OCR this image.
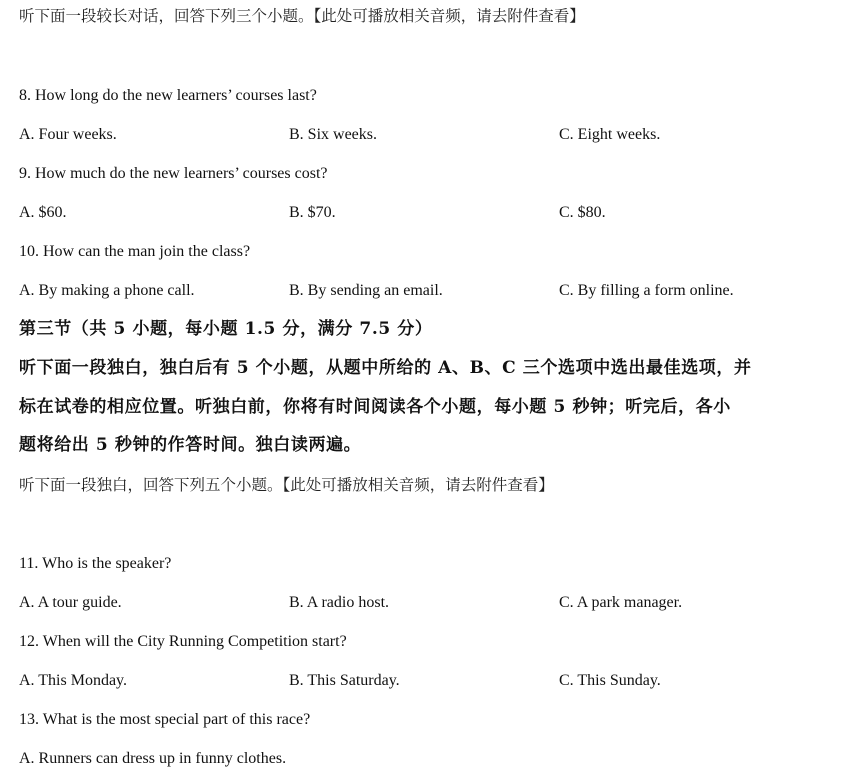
听下面一段较长对话，回答下列三个小题。【此处可播放相关音频，请去附件查看】
8. How long do the new learners’ courses last?
A. Four weeks.	B. Six weeks.	C. Eight weeks.
9. How much do the new learners’ courses cost?
A. $60.	B. $70.	C. $80.
10. How can the man join the class?
A. By making a phone call.	B. By sending an email.	C. By filling a form online.
第三节（共 5 小题，每小题 1.5 分，满分 7.5 分）
听下面一段独白，独白后有 5 个小题，从题中所给的 A、B、C 三个选项中选出最佳选项，并
标在试卷的相应位置。听独白前，你将有时间阅读各个小题，每小题 5 秒钟；听完后，各小
题将给出 5 秒钟的作答时间。独白读两遍。
听下面一段独白，回答下列五个小题。【此处可播放相关音频，请去附件查看】
11. Who is the speaker?
A. A tour guide.	B. A radio host.	C. A park manager.
12. When will the City Running Competition start?
A. This Monday.	B. This Saturday.	C. This Sunday.
13. What is the most special part of this race?
A. Runners can dress up in funny clothes.
